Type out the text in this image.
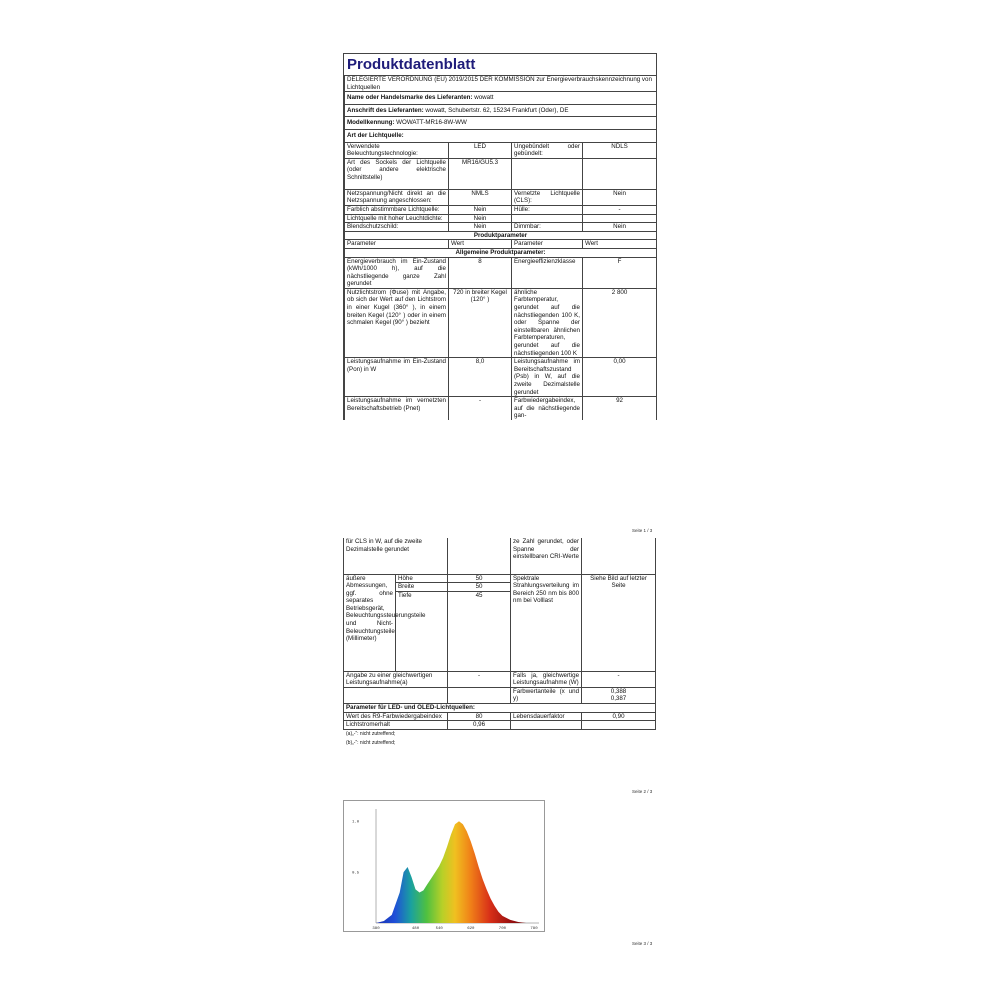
Produktdatenblatt
DELEGIERTE VERORDNUNG (EU) 2019/2015 DER KOMMISSION zur Energieverbrauchskennzeichnung von Lichtquellen			
Name oder Handelsmarke des Lieferanten: wowatt			
Anschrift des Lieferanten: wowatt, Schubertstr. 62, 15234 Frankfurt (Oder), DE			
Modellkennung: WOWATT-MR16-8W-WW			
Art der Lichtquelle:			
Verwendete Beleuchtungstechnologie:	LED	Ungebündelt oder gebündelt:	NDLS
Art des Sockels der Lichtquelle (oder andere elektrische Schnittstelle)	MR16/GU5.3		
Netzspannung/Nicht direkt an die Netzspannung angeschlossen:	NMLS	Vernetzte Lichtquelle (CLS):	Nein
Farblich abstimmbare Lichtquelle:	Nein	Hülle:	-
Lichtquelle mit hoher Leuchtdichte:	Nein		
Blendschutzschild:	Nein	Dimmbar:	Nein
Produktparameter			
Parameter	Wert	Parameter	Wert
Allgemeine Produktparameter:			
Energieverbrauch im Ein-Zustand (kWh/1000 h), auf die nächstliegende ganze Zahl gerundet	8	Energieeffizienzklasse	F
Nutzlichtstrom (Φuse) mit Angabe, ob sich der Wert auf den Lichtstrom in einer Kugel (360° ), in einem breiten Kegel (120° ) oder in einem schmalen Kegel (90° ) bezieht	720 in breiter Kegel (120° )	ähnliche Farbtemperatur, gerundet auf die nächstliegenden 100 K, oder Spanne der einstellbaren ähnlichen Farbtemperaturen, gerundet auf die nächstliegenden 100 K	2 800
Leistungsaufnahme im Ein-Zustand (Pon) in W	8,0	Leistungsaufnahme im Bereitschaftszustand (Psb) in W, auf die zweite Dezimalstelle gerundet	0,00
Leistungsaufnahme im vernetzten Bereitschaftsbetrieb (Pnet)	-	Farbwiedergabeindex, auf die nächstliegende gan-	92
Seite 1 / 3
für CLS in W, auf die zweite Dezimalstelle gerundet			ze Zahl gerundet, oder Spanne der einstellbaren CRI-Werte	
äußere Abmessungen, ggf. ohne separates Betriebsgerät, Beleuchtungssteuerungsteile und Nicht-Beleuchtungsteile (Millimeter)	Höhe	50	Spektrale Strahlungsverteilung im Bereich 250 nm bis 800 nm bei Volllast	Siehe Bild auf letzter Seite
	Breite	50		
	Tiefe	45		
Angabe zu einer gleichwertigen Leistungsaufnahme(a)		-	Falls ja, gleichwertige Leistungsaufnahme (W)	-
			Farbwertanteile (x und y)	0,388
0,387

Parameter für LED- und OLED-Lichtquellen:				
Wert des R9-Farbwiedergabeindex		80	Lebensdauerfaktor	0,90
Lichtstromerhalt		0,96		
(a)„-“: nicht zutreffend;
(b)„-“: nicht zutreffend;
Seite 2 / 3
380	480	540	620	700	780
1.0
0.5
Seite 3 / 3
